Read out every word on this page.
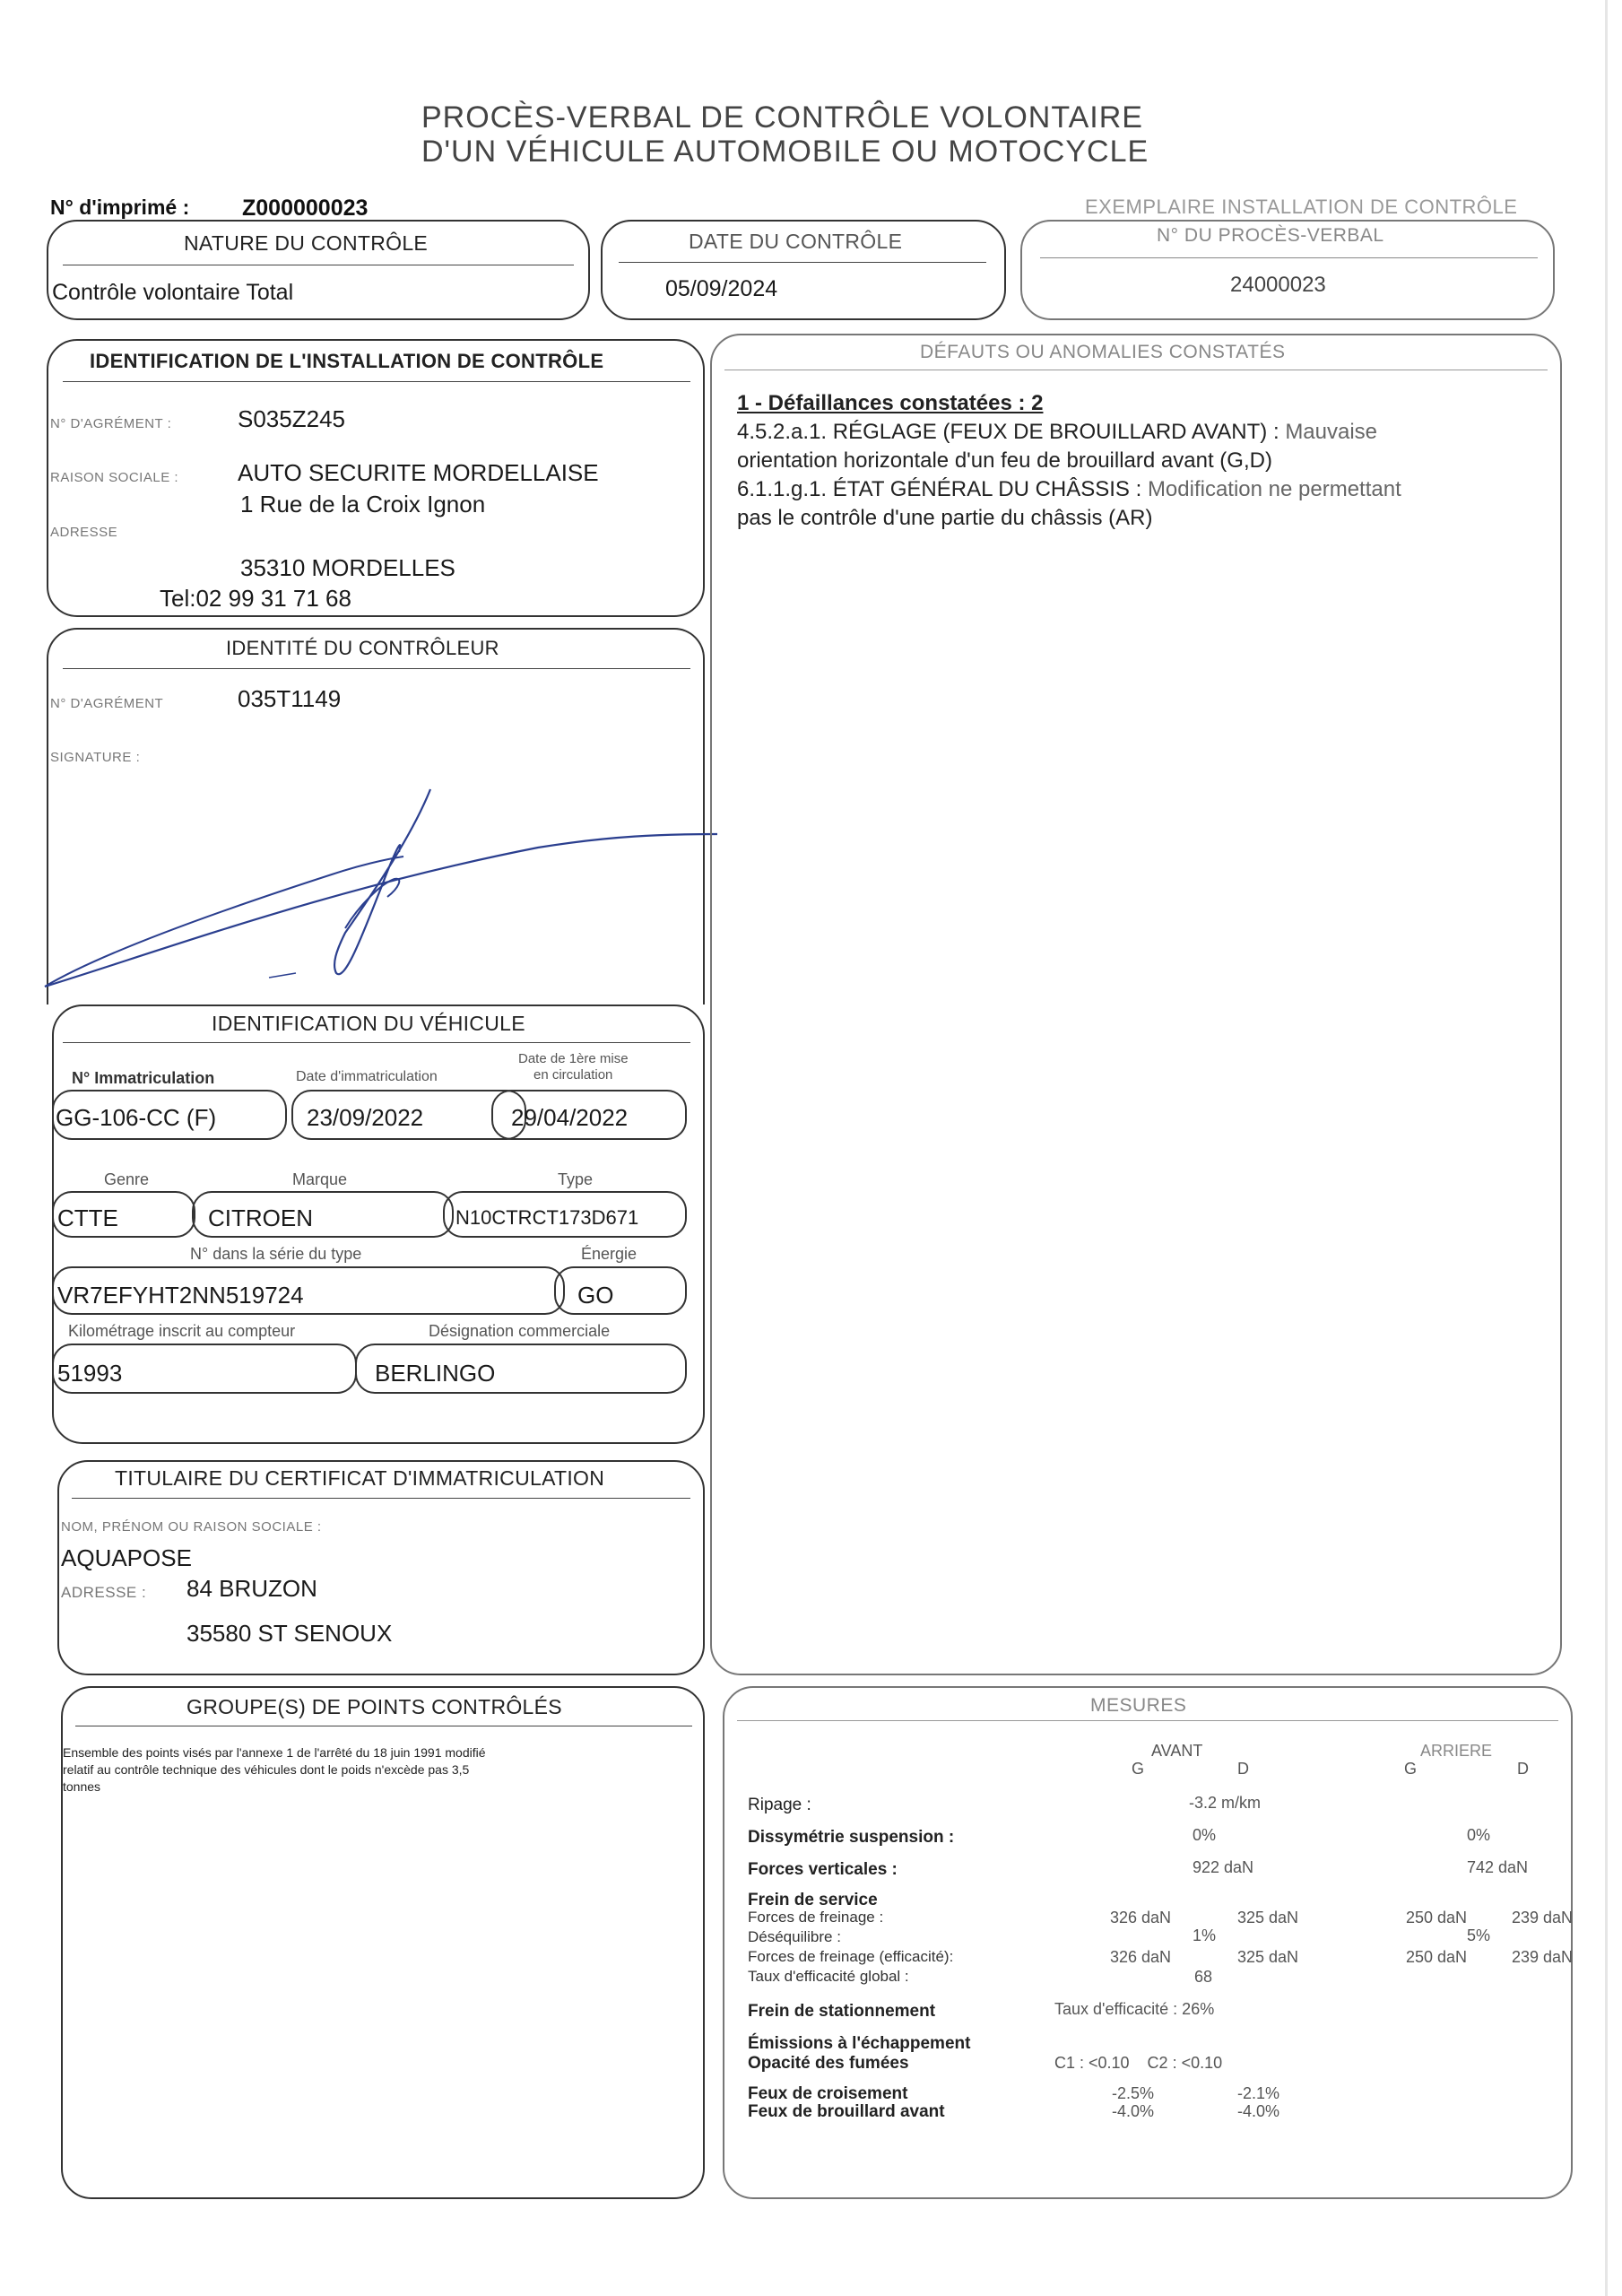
PROCÈS-VERBAL DE CONTRÔLE VOLONTAIRE
D'UN VÉHICULE AUTOMOBILE OU MOTOCYCLE
N° d'imprimé : Z000000023	EXEMPLAIRE INSTALLATION DE CONTRÔLE
NATURE DU CONTRÔLE
Contrôle volontaire Total
DATE DU CONTRÔLE
05/09/2024
N° DU PROCÈS-VERBAL
24000023
IDENTIFICATION DE L'INSTALLATION DE CONTRÔLE
N° D'AGRÉMENT :	S035Z245
RAISON SOCIALE :	AUTO SECURITE MORDELLAISE
1 Rue de la Croix Ignon
ADRESSE
35310 MORDELLES
Tel:02 99 31 71 68
IDENTITÉ DU CONTRÔLEUR
N° D'AGRÉMENT	035T1149
SIGNATURE :
IDENTIFICATION DU VÉHICULE
N° Immatriculation	Date d'immatriculation
Date de 1ère mise
en circulation
GG-106-CC (F)	23/09/2022	29/04/2022
Genre	Marque	Type
CTTE	CITROEN	N10CTRCT173D671
N° dans la série du type	Énergie
VR7EFYHT2NN519724	GO
Kilométrage inscrit au compteur	Désignation commerciale
51993	BERLINGO
TITULAIRE DU CERTIFICAT D'IMMATRICULATION
NOM, PRÉNOM OU RAISON SOCIALE :
AQUAPOSE
ADRESSE : 84 BRUZON
35580 ST SENOUX
GROUPE(S) DE POINTS CONTRÔLÉS
Ensemble des points visés par l'annexe 1 de l'arrêté du 18 juin 1991 modifié
relatif au contrôle technique des véhicules dont le poids n'excède pas 3,5
tonnes
DÉFAUTS OU ANOMALIES CONSTATÉS
1 - Défaillances constatées : 2
4.5.2.a.1. RÉGLAGE (FEUX DE BROUILLARD AVANT) : Mauvaise
orientation horizontale d'un feu de brouillard avant (G,D)
6.1.1.g.1. ÉTAT GÉNÉRAL DU CHÂSSIS : Modification ne permettant
pas le contrôle d'une partie du châssis (AR)
MESURES
AVANT
G	D
ARRIERE
G	D
Ripage :	-3.2 m/km
Dissymétrie suspension :	0%	0%
Forces verticales :	922 daN	742 daN
Frein de service
Forces de freinage :	326 daN	325 daN	250 daN	239 daN
Déséquilibre :	1%	5%
Forces de freinage (efficacité):	326 daN	325 daN	250 daN	239 daN
Taux d'efficacité global :	68
Frein de stationnement	Taux d'efficacité : 26%
Émissions à l'échappement
Opacité des fumées	C1 : <0.10    C2 : <0.10
Feux de croisement	-2.5%	-2.1%
Feux de brouillard avant	-4.0%	-4.0%
